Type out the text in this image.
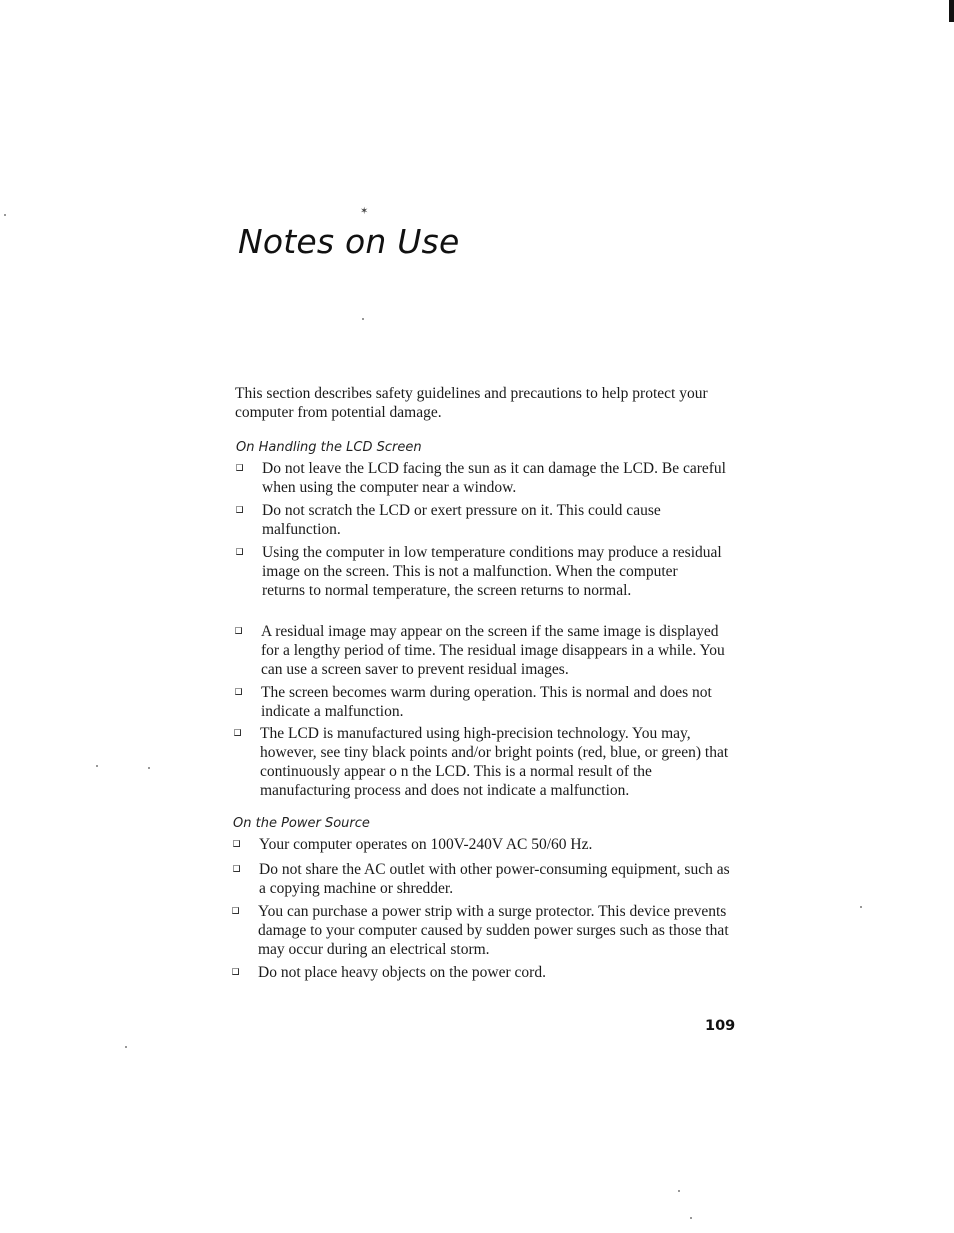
✶
Notes on Use

This section describes safety guidelines and precautions to help protect your computer from potential damage.

On Handling the LCD Screen

Do not leave the LCD facing the sun as it can damage the LCD. Be careful when using the computer near a window.

Do not scratch the LCD or exert pressure on it. This could cause malfunction.

Using the computer in low temperature conditions may produce a residual image on the screen. This is not a malfunction. When the computer returns to normal temperature, the screen returns to normal.

A residual image may appear on the screen if the same image is displayed for a lengthy period of time. The residual image disappears in a while. You can use a screen saver to prevent residual images.

The screen becomes warm during operation. This is normal and does not indicate a malfunction.

The LCD is manufactured using high-precision technology. You may, however, see tiny black points and/or bright points (red, blue, or green) that continuously appear o n the LCD. This is a normal result of the manufacturing process and does not indicate a malfunction.

On the Power Source

Your computer operates on 100V-240V AC 50/60 Hz.

Do not share the AC outlet with other power-consuming equipment, such as a copying machine or shredder.

You can purchase a power strip with a surge protector. This device prevents damage to your computer caused by sudden power surges such as those that may occur during an electrical storm.

Do not place heavy objects on the power cord.

109
